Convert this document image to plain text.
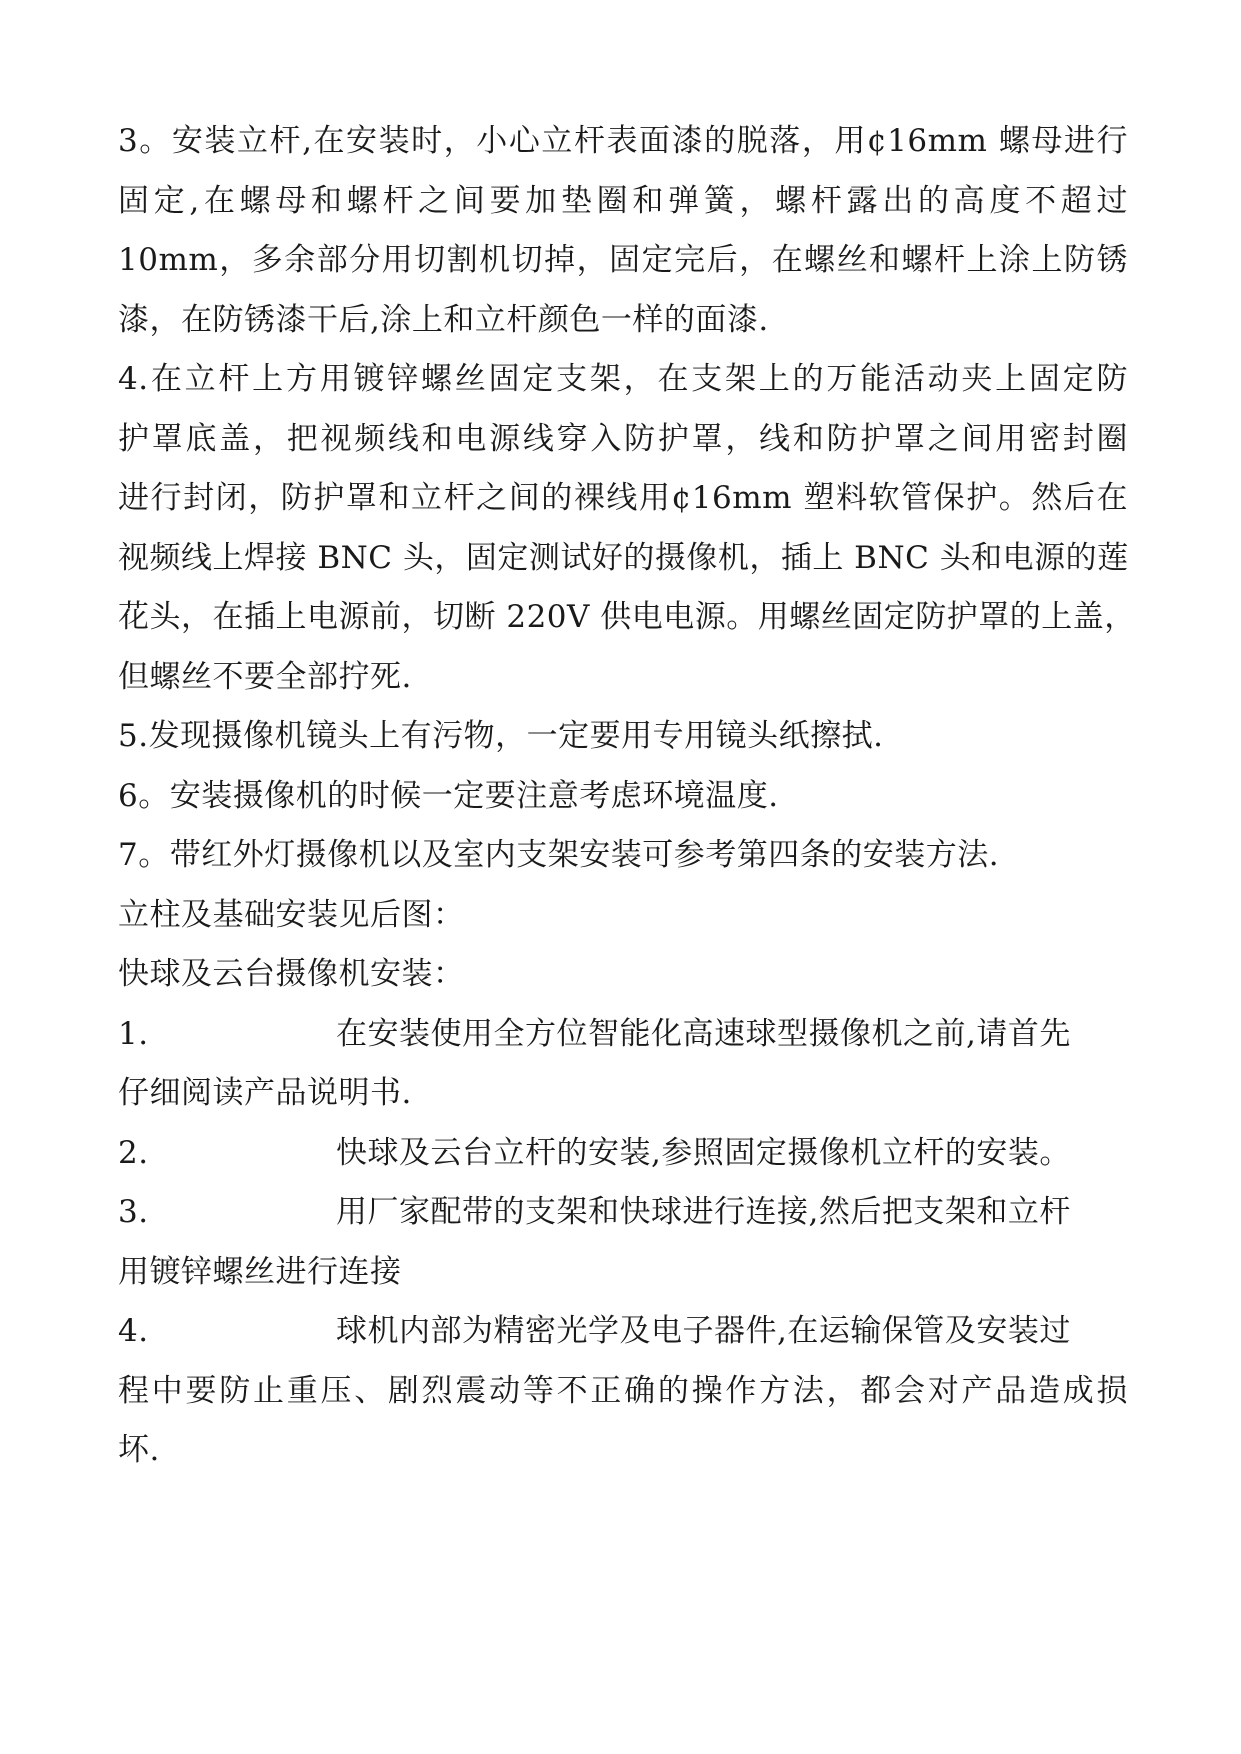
3。安装立杆,在安装时，小心立杆表面漆的脱落，用¢16mm 螺母进行
固定,在螺母和螺杆之间要加垫圈和弹簧，螺杆露出的高度不超过
10mm，多余部分用切割机切掉，固定完后，在螺丝和螺杆上涂上防锈
漆，在防锈漆干后,涂上和立杆颜色一样的面漆.
4.在立杆上方用镀锌螺丝固定支架，在支架上的万能活动夹上固定防
护罩底盖，把视频线和电源线穿入防护罩，线和防护罩之间用密封圈
进行封闭，防护罩和立杆之间的裸线用¢16mm 塑料软管保护。然后在
视频线上焊接 BNC 头，固定测试好的摄像机，插上 BNC 头和电源的莲
花头，在插上电源前，切断 220V 供电电源。用螺丝固定防护罩的上盖，
但螺丝不要全部拧死.
5.发现摄像机镜头上有污物，一定要用专用镜头纸擦拭.
6。安装摄像机的时候一定要注意考虑环境温度.
7。带红外灯摄像机以及室内支架安装可参考第四条的安装方法.
立柱及基础安装见后图：
快球及云台摄像机安装：
1.	在安装使用全方位智能化高速球型摄像机之前,请首先
仔细阅读产品说明书.
2.	快球及云台立杆的安装,参照固定摄像机立杆的安装。
3.	用厂家配带的支架和快球进行连接,然后把支架和立杆
用镀锌螺丝进行连接
4.	球机内部为精密光学及电子器件,在运输保管及安装过
程中要防止重压、剧烈震动等不正确的操作方法，都会对产品造成损
坏.
